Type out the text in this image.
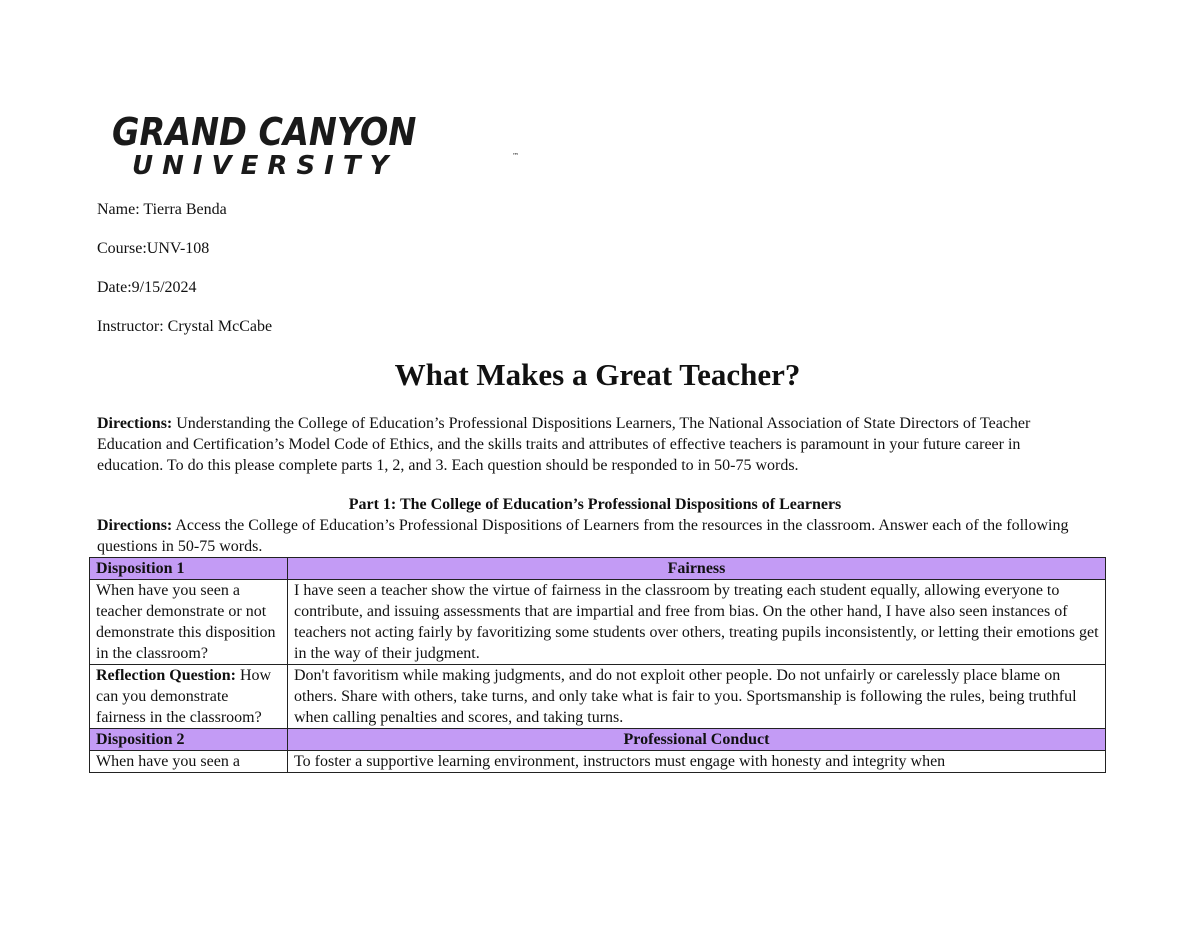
GRAND CANYON
UNIVERSITY	™
Name: Tierra Benda
Course:UNV-108
Date:9/15/2024
Instructor: Crystal McCabe
What Makes a Great Teacher?
Directions: Understanding the College of Education’s Professional Dispositions Learners, The National Association of State Directors of Teacher Education and Certification’s Model Code of Ethics, and the skills traits and attributes of effective teachers is paramount in your future career in education. To do this please complete parts 1, 2, and 3. Each question should be responded to in 50-75 words.
Part 1: The College of Education’s Professional Dispositions of Learners
Directions: Access the College of Education’s Professional Dispositions of Learners from the resources in the classroom. Answer each of the following questions in 50-75 words.
Disposition 1	Fairness
When have you seen a teacher demonstrate or not demonstrate this disposition in the classroom?	I have seen a teacher show the virtue of fairness in the classroom by treating each student equally, allowing everyone to contribute, and issuing assessments that are impartial and free from bias. On the other hand, I have also seen instances of teachers not acting fairly by favoritizing some students over others, treating pupils inconsistently, or letting their emotions get in the way of their judgment.
Reflection Question: How can you demonstrate fairness in the classroom?	Don't favoritism while making judgments, and do not exploit other people. Do not unfairly or carelessly place blame on others. Share with others, take turns, and only take what is fair to you. Sportsmanship is following the rules, being truthful when calling penalties and scores, and taking turns.
Disposition 2	Professional Conduct
When have you seen a	To foster a supportive learning environment, instructors must engage with honesty and integrity when
